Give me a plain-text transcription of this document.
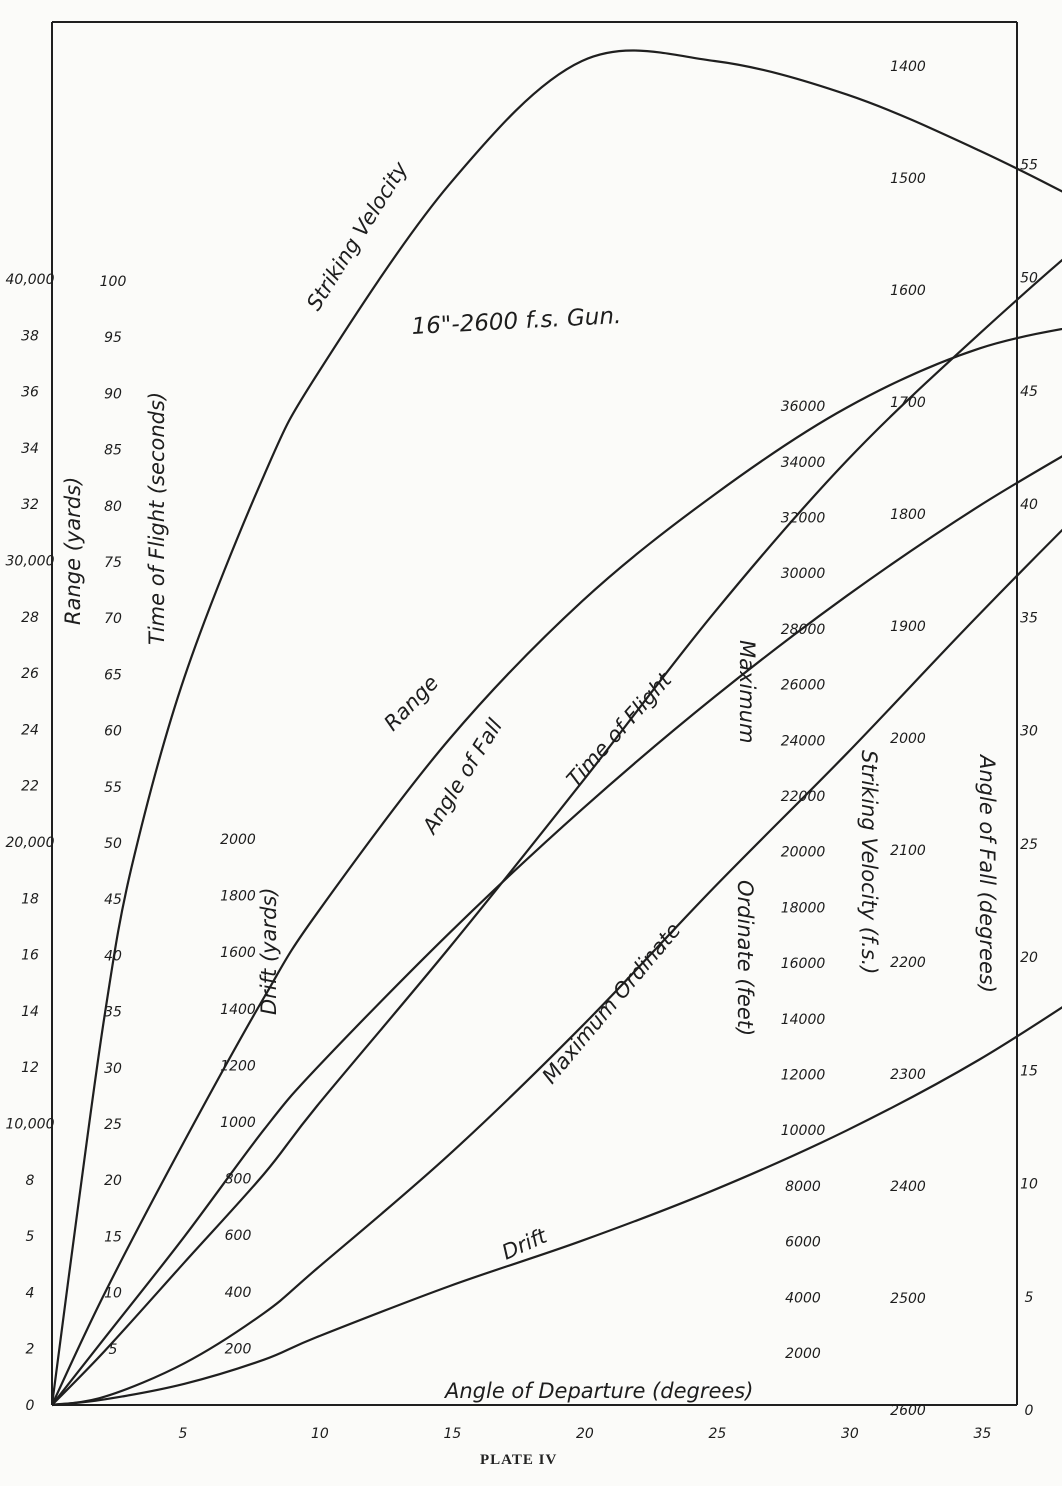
5	10	15	20	25	30	35
0
2
4
5
8
10,000
12
14
16
18
20,000
22
24
26
28
30,000
32
34
36
38
40,000
5
10
15
20
25
30
35
40
45
50
55
60
65
70
75
80
85
90
95
100
200
400
600
800
1000
1200
1400
1600
1800
2000
2000
4000
6000
8000
10000
12000
14000
16000
18000
20000
22000
24000
26000
28000
30000
32000
34000
36000
2600
2500
2400
2300
2200
2100
2000
1900
1800
1700
1600
1500
1400
0
5
10
15
20
25
30
35
40
45
50
55
16"-2600 f.s. Gun.
Angle of Departure (degrees)
PLATE IV
Range (yards)	Time of Flight (seconds)
Drift (yards)
Maximum
Ordinate (feet)	Striking Velocity (f.s.)	Angle of Fall (degrees)
Striking Velocity
Range
Angle of Fall	Time of Flight
Maximum Ordinate
Drift
